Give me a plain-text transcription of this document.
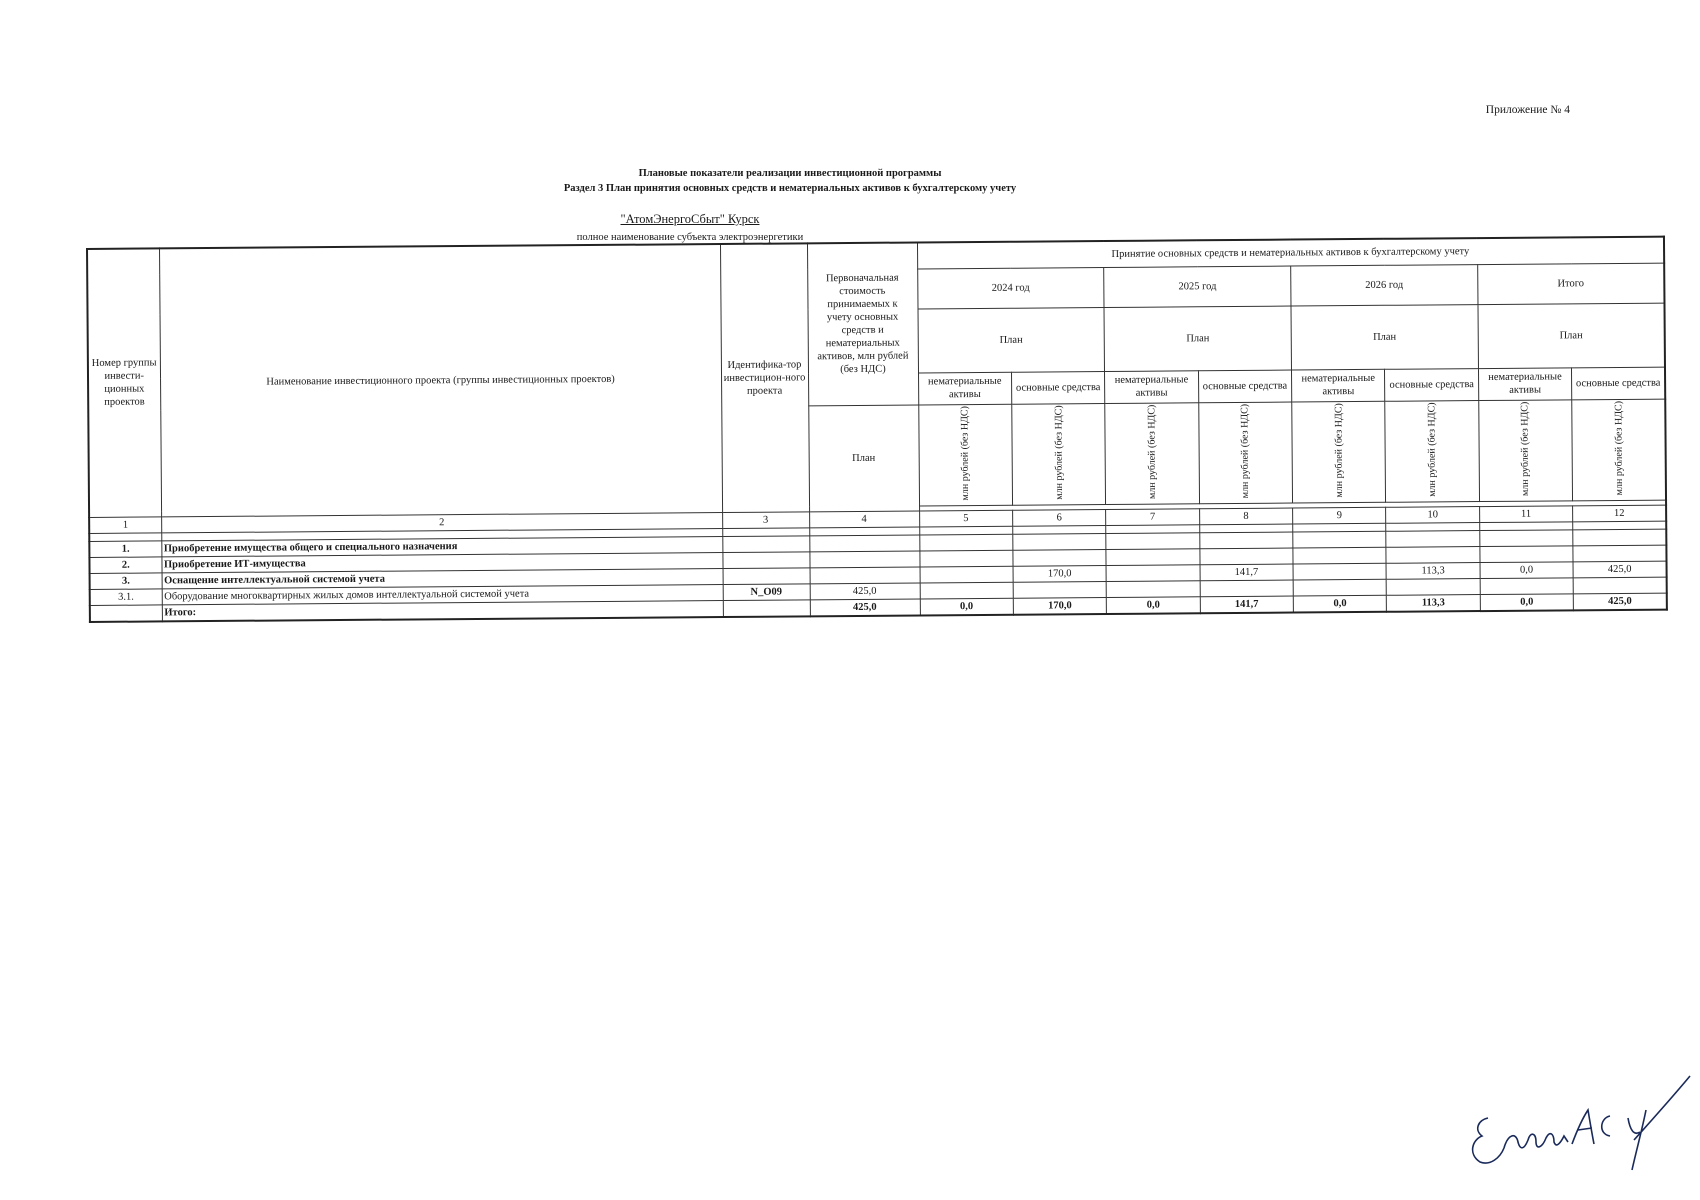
Приложение № 4
Плановые показатели реализации инвестиционной программы
Раздел 3 План принятия основных средств и нематериальных активов к бухгалтерскому учету
"АтомЭнергоСбыт" Курск
полное наименование субъекта электроэнергетики
Номер группы инвести-ционных проектов	Наименование инвестиционного проекта (группы инвестиционных проектов)	Идентифика-тор инвестицион-ного проекта	Первоначальная стоимость принимаемых к учету основных средств и нематериальных активов, млн рублей (без НДС)	Принятие основных средств и нематериальных активов к бухгалтерскому учету							
				2024 год		2025 год		2026 год		Итого	
				План		План		План		План	
				нематериальные активы	основные средства	нематериальные активы	основные средства	нематериальные активы	основные средства	нематериальные активы	основные средства
			План	млн рублей (без НДС)	млн рублей (без НДС)	млн рублей (без НДС)	млн рублей (без НДС)	млн рублей (без НДС)	млн рублей (без НДС)	млн рублей (без НДС)	млн рублей (без НДС)

1	2	3	4	5	6	7	8	9	10	11	12

1.	Приобретение имущества общего и специального назначения										
2.	Приобретение ИТ-имущества										
3.	Оснащение интеллектуальной системой учета				170,0		141,7		113,3	0,0	425,0
3.1.	Оборудование многоквартирных жилых домов интеллектуальной системой учета	N_O09	425,0								
	Итого:		425,0	0,0	170,0	0,0	141,7	0,0	113,3	0,0	425,0
